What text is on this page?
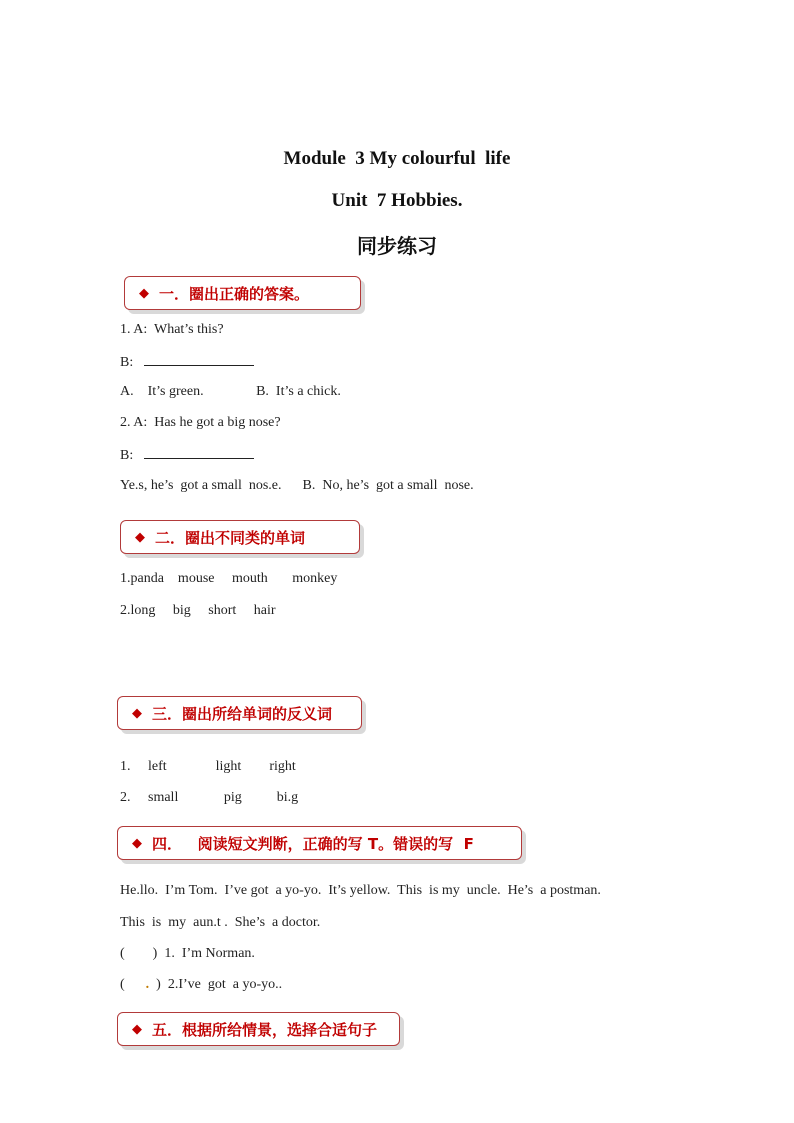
Module  3 My colourful  life
Unit  7 Hobbies.
同步练习
◆ 一．圈出正确的答案。

1. A:  What’s this?

B:

A.    It’s green.               B.  It’s a chick.

2. A:  Has he got a big nose?

B:

Ye.s, he’s  got a small  nos.e.      B.  No, he’s  got a small  nose.

◆ 二．圈出不同类的单词

1.panda    mouse     mouth       monkey

2.long     big     short     hair

◆ 三．圈出所给单词的反义词

1.     left              light        right

2.     small             pig          bi.g

◆ 四．   阅读短文判断，正确的写 T。错误的写  F

He.llo.  I’m Tom.  I’ve got  a yo-yo.  It’s yellow.  This  is my  uncle.  He’s  a postman.

This  is  my  aun.t .  She’s  a doctor.

(        )  1.  I’m Norman.

(      .  )  2.I’ve  got  a yo-yo..

◆ 五．根据所给情景，选择合适句子
